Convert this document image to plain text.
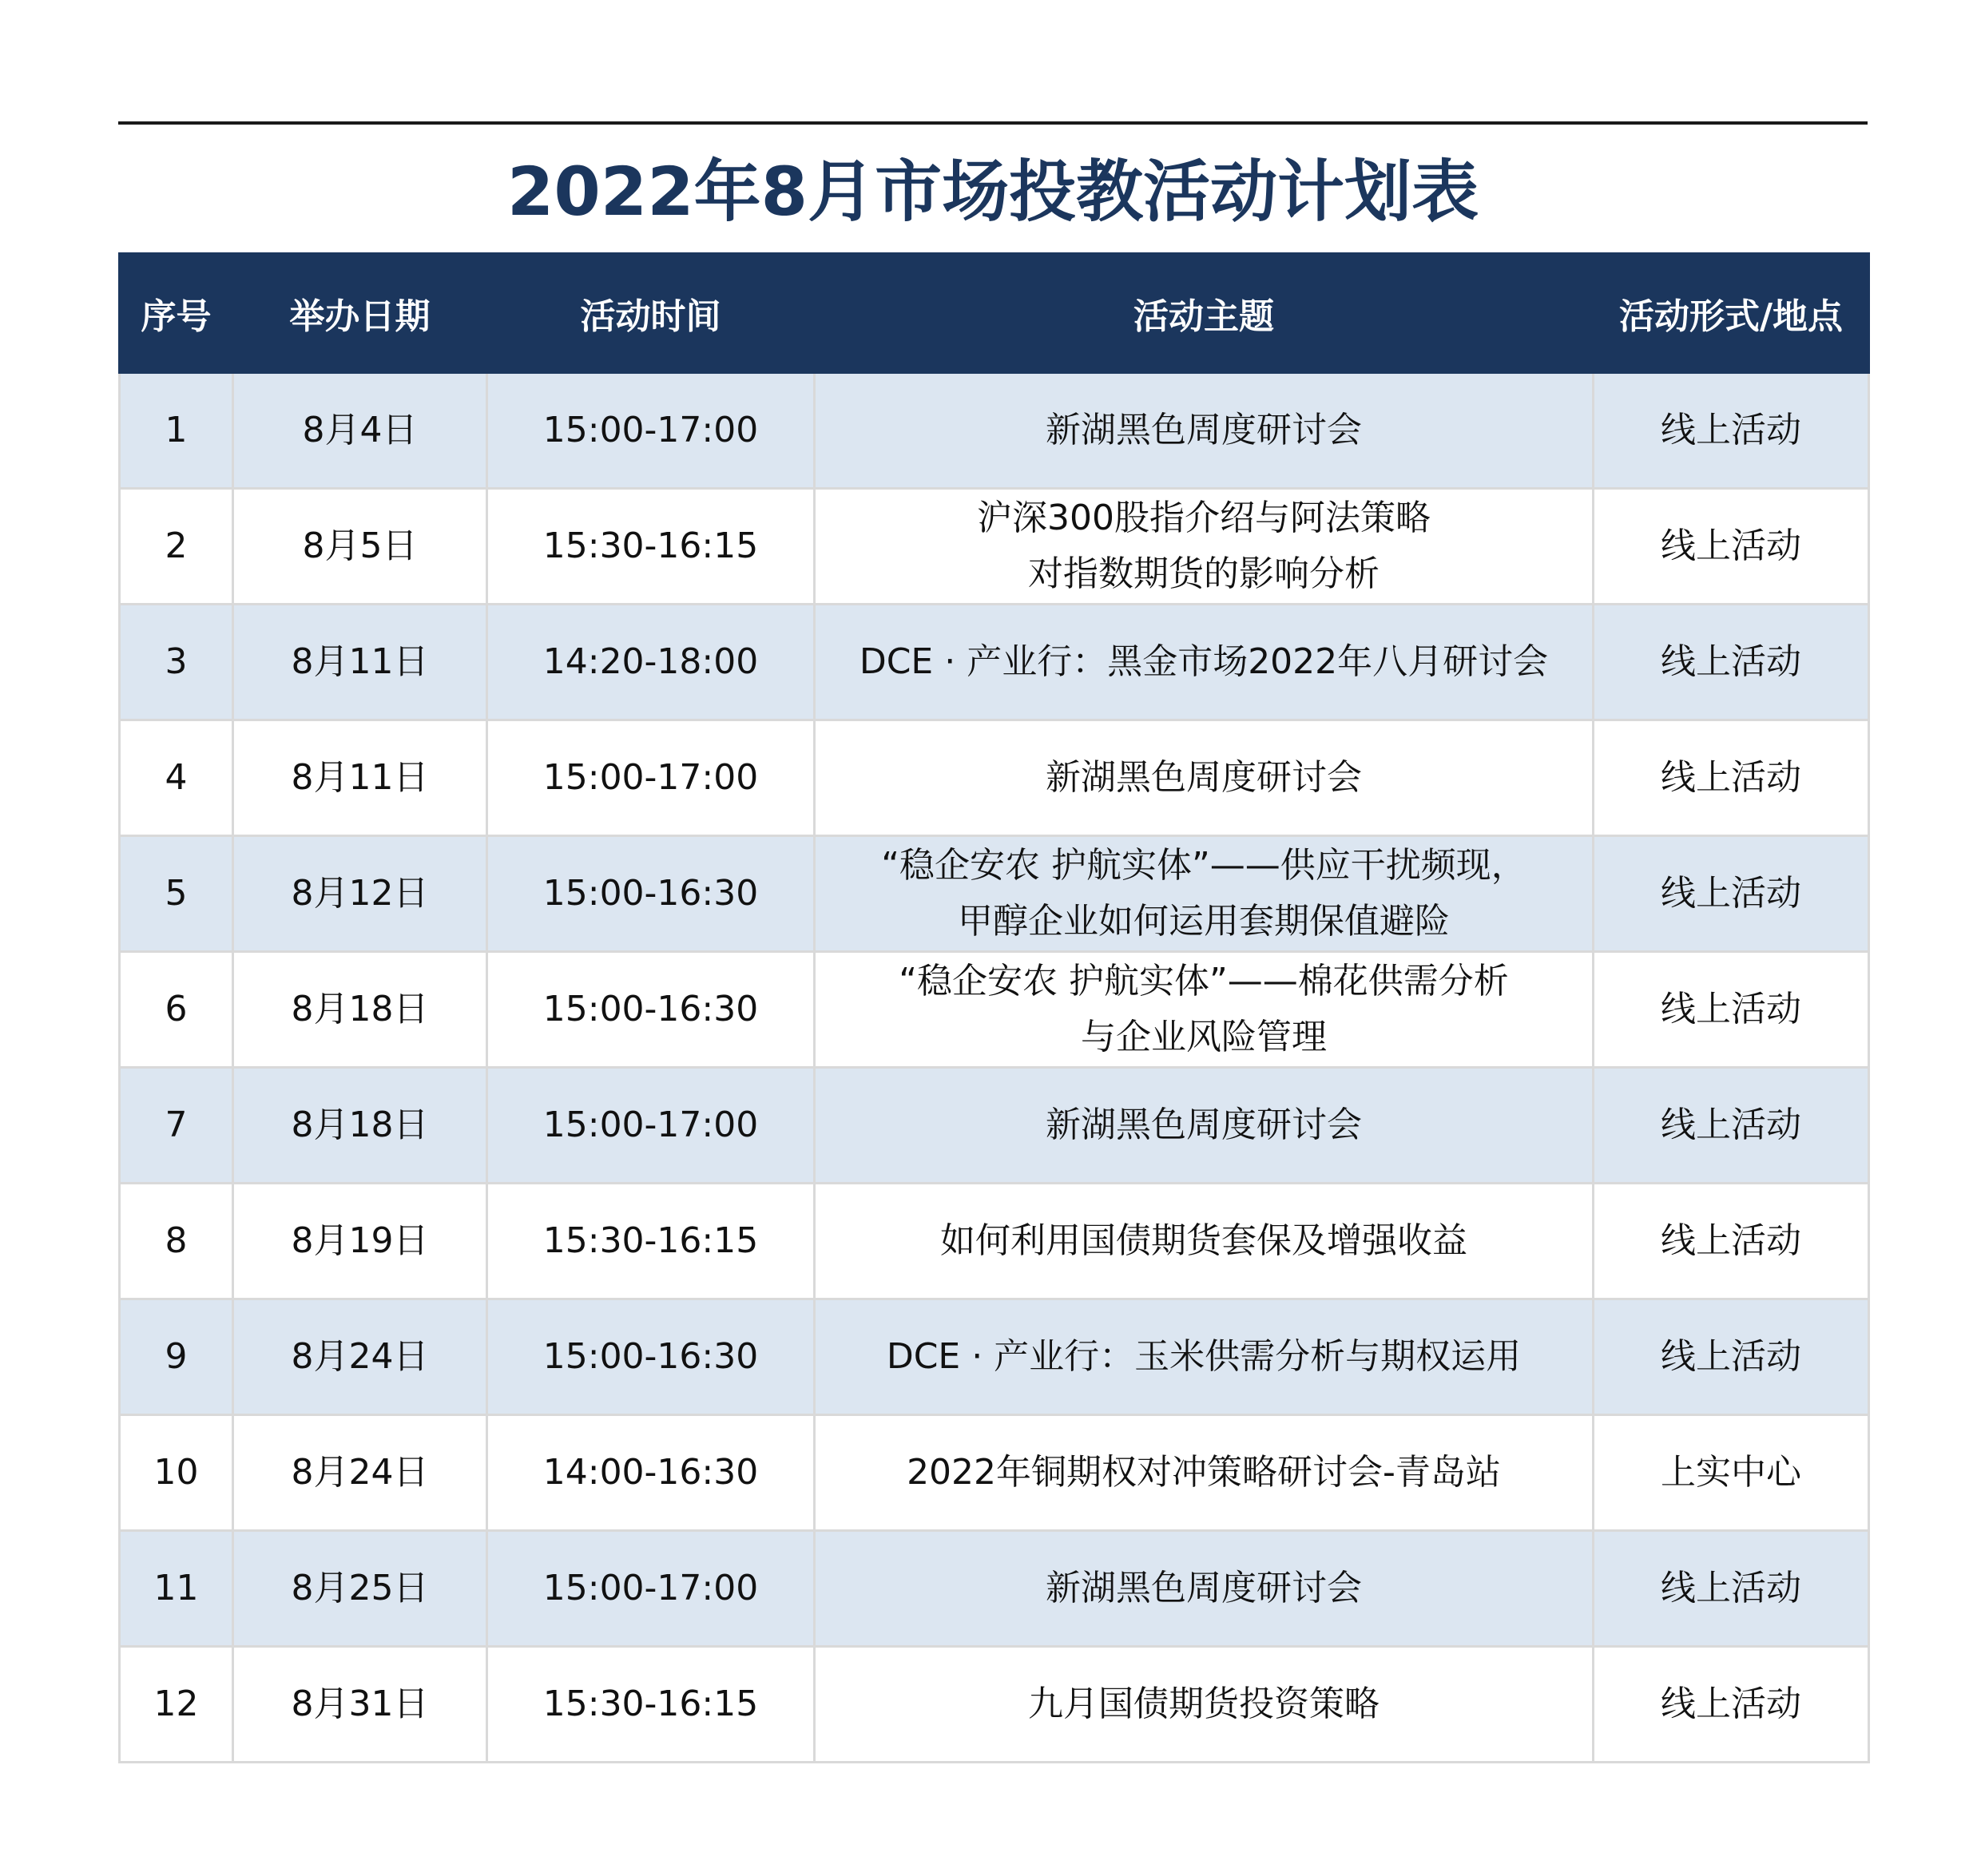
2022年8月市场投教活动计划表
序号	举办日期	活动时间	活动主题	活动形式/地点
1	8月4日	15:00-17:00	新湖黑色周度研讨会	线上活动
2	8月5日	15:30-16:15	沪深300股指介绍与阿法策略
对指数期货的影响分析	线上活动
3	8月11日	14:20-18:00	DCE · 产业行：黑金市场2022年八月研讨会	线上活动
4	8月11日	15:00-17:00	新湖黑色周度研讨会	线上活动
5	8月12日	15:00-16:30	“稳企安农 护航实体”——供应干扰频现，
甲醇企业如何运用套期保值避险	线上活动
6	8月18日	15:00-16:30	“稳企安农 护航实体”——棉花供需分析
与企业风险管理	线上活动
7	8月18日	15:00-17:00	新湖黑色周度研讨会	线上活动
8	8月19日	15:30-16:15	如何利用国债期货套保及增强收益	线上活动
9	8月24日	15:00-16:30	DCE · 产业行：玉米供需分析与期权运用	线上活动
10	8月24日	14:00-16:30	2022年铜期权对冲策略研讨会-青岛站	上实中心
11	8月25日	15:00-17:00	新湖黑色周度研讨会	线上活动
12	8月31日	15:30-16:15	九月国债期货投资策略	线上活动
